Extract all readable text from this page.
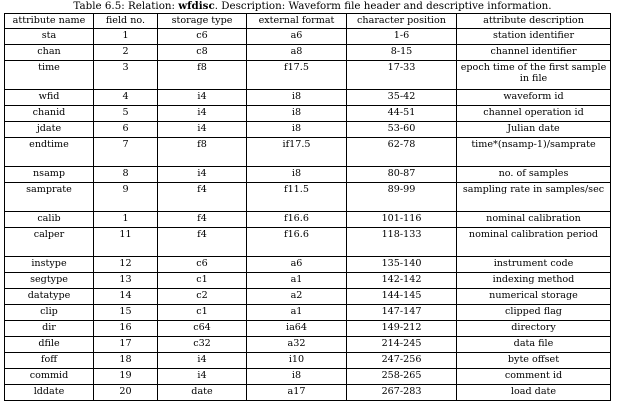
Table 6.5: Relation: wfdisc. Description: Waveform file header and descriptive information.
attribute name	field no.	storage type	external format	character position	attribute description
sta	1	c6	a6	1-6	station identifier
chan	2	c8	a8	8-15	channel identifier
time	3	f8	f17.5	17-33	epoch time of the first sample in file
wfid	4	i4	i8	35-42	waveform id
chanid	5	i4	i8	44-51	channel operation id
jdate	6	i4	i8	53-60	Julian date
endtime	7	f8	if17.5	62-78	time*(nsamp-1)/samprate
nsamp	8	i4	i8	80-87	no. of samples
samprate	9	f4	f11.5	89-99	sampling rate in samples/sec
calib	1	f4	f16.6	101-116	nominal calibration
calper	11	f4	f16.6	118-133	nominal calibration period
instype	12	c6	a6	135-140	instrument code
segtype	13	c1	a1	142-142	indexing method
datatype	14	c2	a2	144-145	numerical storage
clip	15	c1	a1	147-147	clipped flag
dir	16	c64	ia64	149-212	directory
dfile	17	c32	a32	214-245	data file
foff	18	i4	i10	247-256	byte offset
commid	19	i4	i8	258-265	comment id
lddate	20	date	a17	267-283	load date
